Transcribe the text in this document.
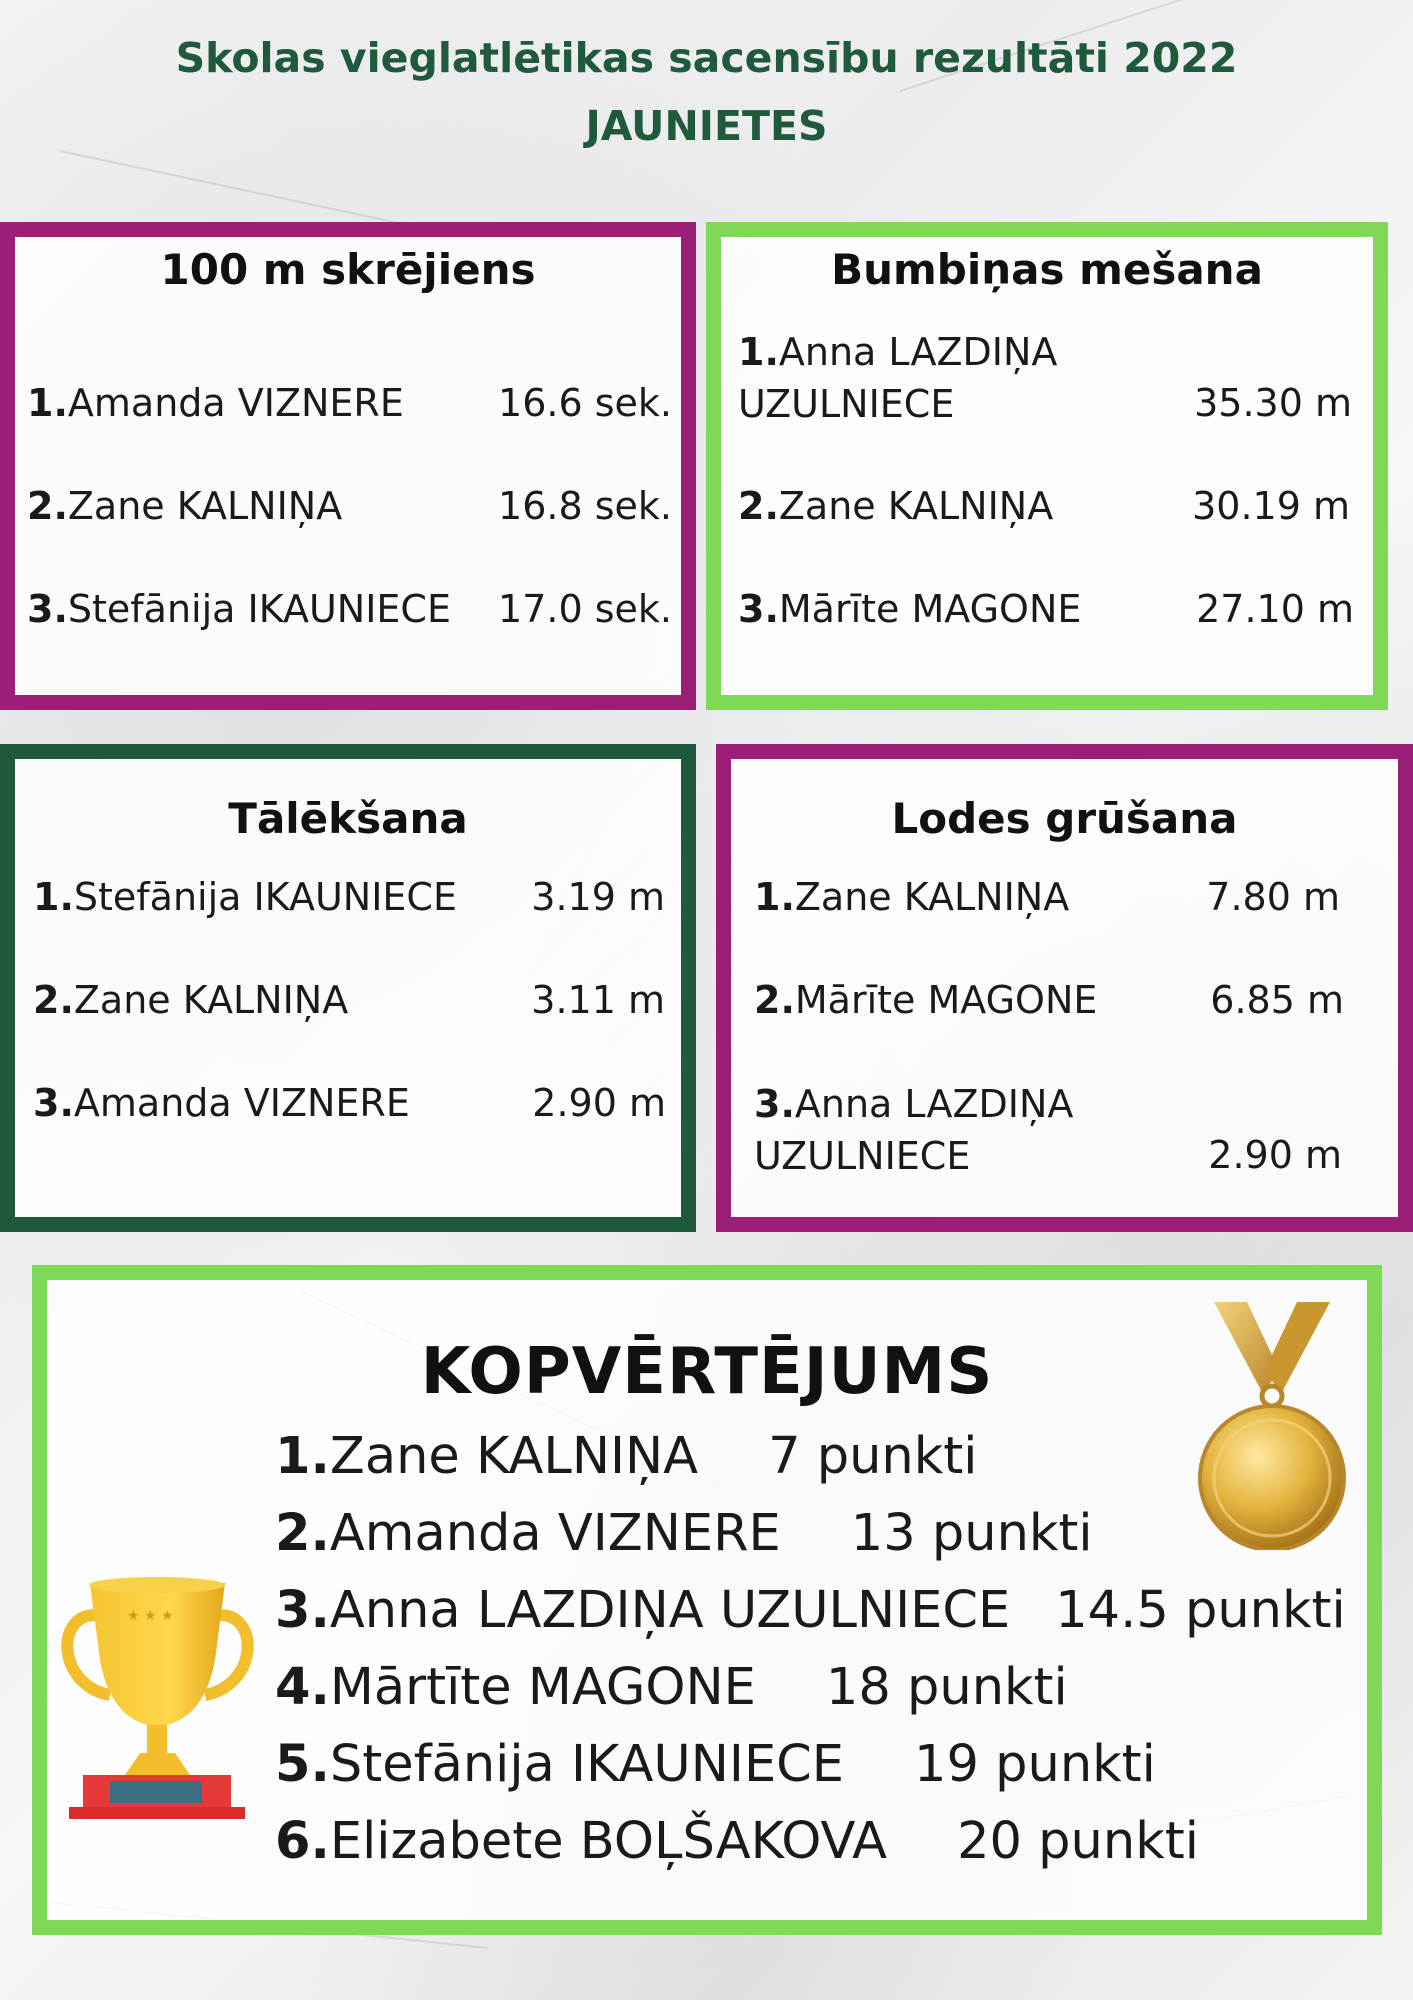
Skolas vieglatlētikas sacensību rezultāti 2022
JAUNIETES
100 m skrējiens
1.Amanda VIZNERE	16.6 sek.
2.Zane KALNIŅA	16.8 sek.
3.Stefānija IKAUNIECE	17.0 sek.
Bumbiņas mešana
1.Anna LAZDIŅA
UZULNIECE	35.30 m
2.Zane KALNIŅA	30.19 m
3.Mārīte MAGONE	27.10 m
Tālēkšana
1.Stefānija IKAUNIECE	3.19 m
2.Zane KALNIŅA	3.11 m
3.Amanda VIZNERE	2.90 m
Lodes grūšana
1.Zane KALNIŅA	7.80 m
2.Mārīte MAGONE	6.85 m
3.Anna LAZDIŅA
UZULNIECE	2.90 m
KOPVĒRTĒJUMS
1.Zane KALNIŅA 7 punkti
2.Amanda VIZNERE 13 punkti
3.Anna LAZDIŅA UZULNIECE 14.5 punkti
4.Mārtīte MAGONE 18 punkti
5.Stefānija IKAUNIECE 19 punkti
6.Elizabete BOĻŠAKOVA 20 punkti
★ ★ ★
